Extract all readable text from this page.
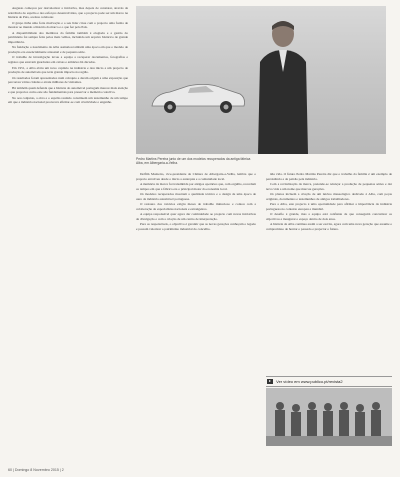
Augusto começou por desvalorizar a iniciativa, mas depois de constatar, através da relevância do espólio e dos esforços desenvolvidos, que o projecto pode ser um marco na história do País, aceitou colaborar.

O grupo tinha uma forte motivação e o seu líder criou com o projecto uma forma de mostrar ao mundo a história da marca e o que fez pelo País.

A disponibilidade dos membros da família também é elogiada e a gestão do património foi sempre feita pelos mais velhos, incluindo um arquivo histórico de grande importância.

Na fundação o nascimento da Alba assinalou também uma época em que o modelo de produção era essencialmente artesanal e de pequena série.

O trabalho de investigação levou a equipa a recuperar documentos, fotografias e registos que estavam guardados em caixas e armários há décadas.

Em 1951, a Alba abriu um novo capítulo na indústria e deu início a um projecto de produção de automóveis que teria grande impacto na região.

Os resultados foram apresentados num colóquio e deram origem a uma exposição que percorreu várias cidades e atraiu milhares de visitantes.

Há também quem defenda que a história do automóvel português merece mais atenção e que projectos como este são fundamentais para preservar a memória colectiva.

No seu conjunto, a obra e o espólio reunido constituem um testemunho de um tempo em que a indústria nacional procurava afirmar-se com criatividade e engenho.

Pedro Martins Pereira junto de um dos modelos recuperados da antiga fábrica Alba, em Albergaria-a-Velha.

Delfim Monteiro, vice-presidente da Câmara de Albergaria-a-Velha, lembra que o projecto envolveu desde o início a autarquia e a comunidade local.

A memória da marca foi transmitida por antigos operários que, com orgulho, recordam os tempos em que a fábrica era o principal motor da economia local.

Os modelos recuperados mostram a qualidade técnica e o design de uma época de ouro da indústria automóvel portuguesa.

O restauro dos veículos exigiu meses de trabalho minucioso e contou com a colaboração de especialistas nacionais e estrangeiros.

A equipa responsável quer agora dar continuidade ao projecto com novas iniciativas de divulgação e com a criação de um centro de interpretação.

Para os responsáveis, o objectivo é garantir que as novas gerações conheçam o legado e possam valorizar o património industrial do concelho.

nha vida. O futuro Pedro Martins Pereira diz que o trabalho da família é um exemplo de persistência e de paixão pela indústria.

Com a revitalização da marca, pretende-se relançar a produção de pequenas séries e dar nova vida a um nome que marcou gerações.

Os planos incluem a criação de um núcleo museológico dedicado à Alba, com peças originais, documentos e testemunhos de antigos trabalhadores.

Para a Alba, este projecto é uma oportunidade para afirmar a importância da indústria portuguesa no contexto europeu e mundial.

O desafio é grande, mas a equipa está confiante de que conseguirá concretizar os objectivos e inaugurar o espaço dentro de dois anos.

A história da Alba continua assim a ser escrita, agora com uma nova geração que assume o compromisso de honrar o passado e projectar o futuro.

Ver vídeo em www.publico.pt/revista2
60 | Domingo 8 Novembro 2015 | 2
